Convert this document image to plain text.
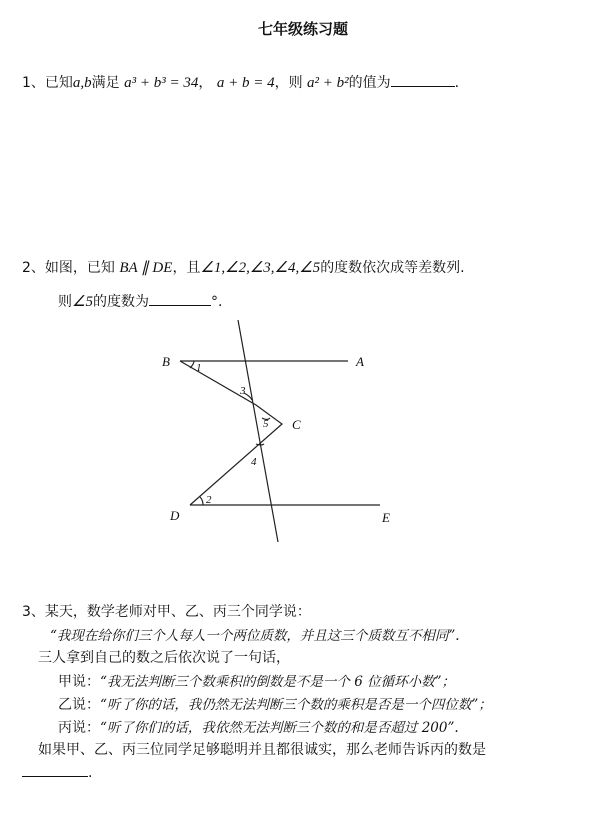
七年级练习题
1、已知a,b满足 a³ + b³ = 34， a + b = 4，则 a² + b²的值为	.
2、如图，已知 BA ∥ DE，且∠1,∠2,∠3,∠4,∠5的度数依次成等差数列.
则∠5的度数为	°.
B	A
C
D	E
1
2
3
4
5
3、某天，数学老师对甲、乙、丙三个同学说：
“我现在给你们三个人每人一个两位质数，并且这三个质数互不相同”.
三人拿到自己的数之后依次说了一句话，
甲说：“我无法判断三个数乘积的倒数是不是一个 6 位循环小数”；
乙说：“听了你的话，我仍然无法判断三个数的乘积是否是一个四位数”；
丙说：“听了你们的话，我依然无法判断三个数的和是否超过 200”.
如果甲、乙、丙三位同学足够聪明并且都很诚实，那么老师告诉丙的数是
.
